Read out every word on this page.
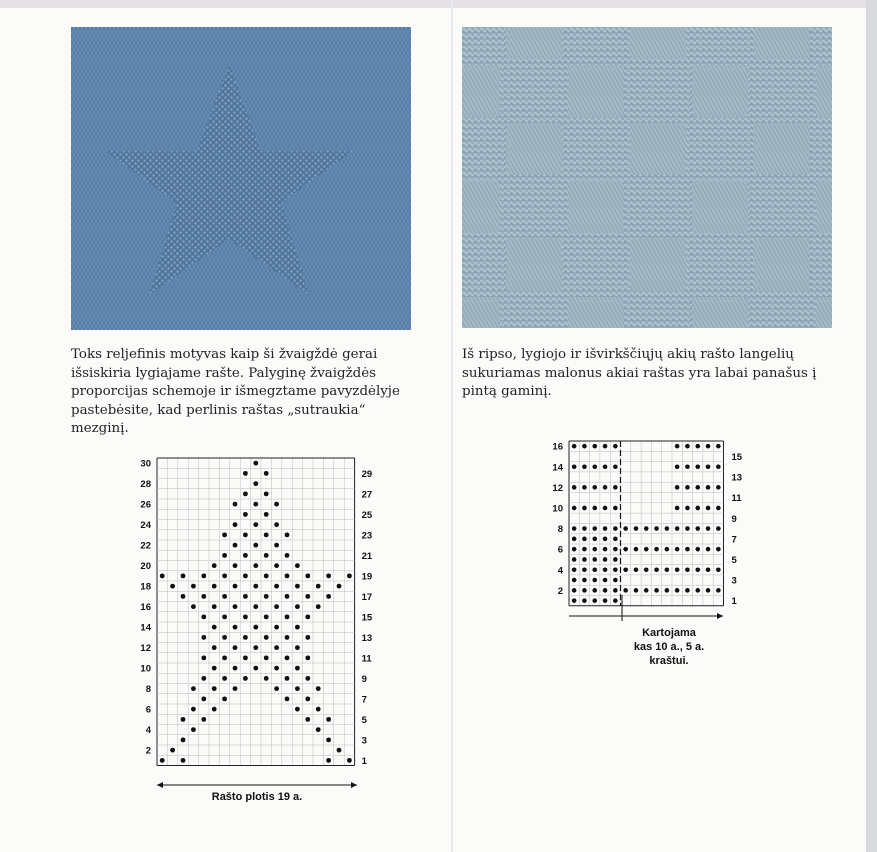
Toks reljefinis motyvas kaip ši žvaigždė gerai išsiskiria lygiajame rašte. Palyginę žvaigždės proporcijas schemoje ir išmegztame pavyzdėlyje pastebėsite, kad perlinis raštas „sutraukia“ mezginį.

Iš ripso, lygiojo ir išvirkščiųjų akių rašto langelių sukuriamas malonus akiai raštas yra labai panašus į pintą gaminį.

30
28
26
24
22
20
18
16
14
12
10
8
6
4
2
29
27
25
23
21
19
17
15
13
11
9
7
5
3
1
Rašto plotis 19 a.
16
14
12
10
8
6
4
2
15
13
11
9
7
5
3
1
Kartojama
kas 10 a., 5 a.
kraštui.
